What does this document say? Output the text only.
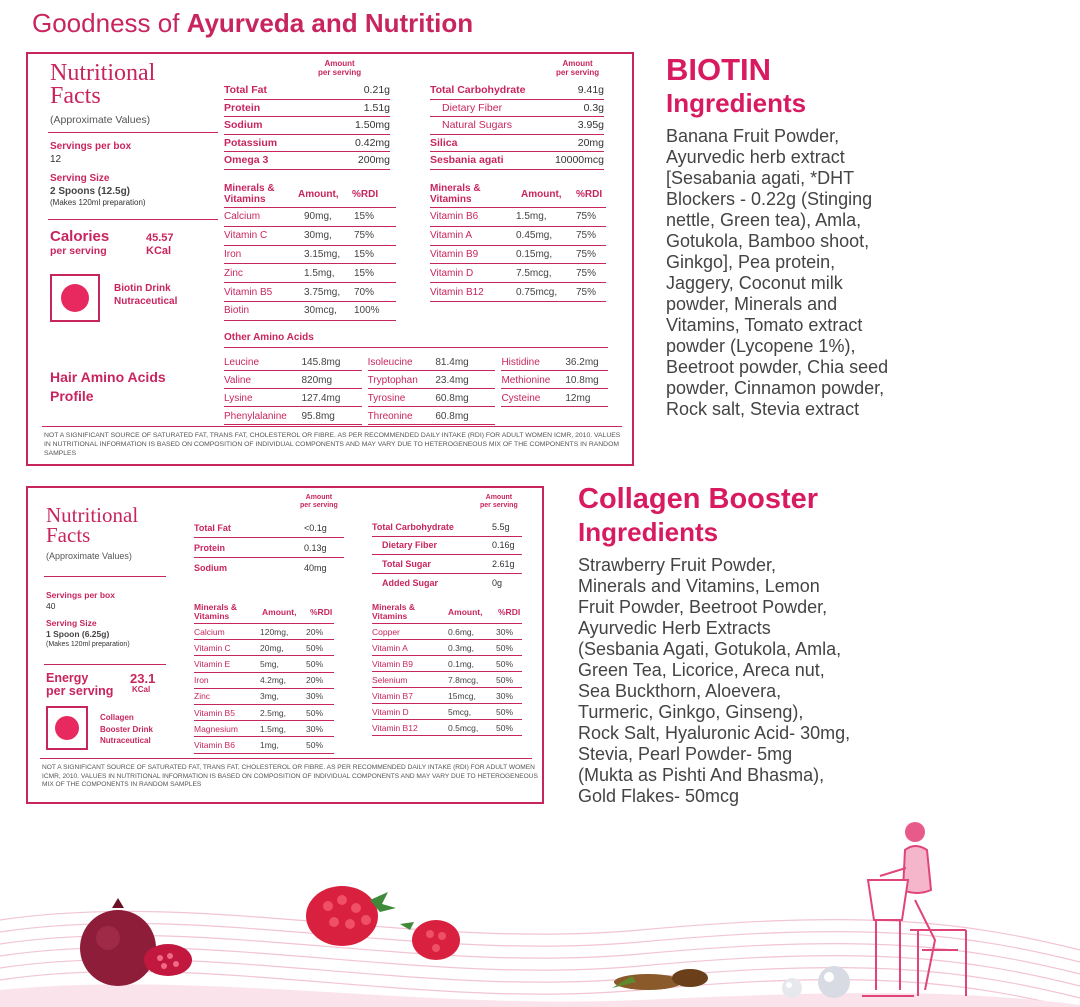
Goodness of Ayurveda and Nutrition
Nutritional
Facts
(Approximate Values)
Servings per box
12
Serving Size
2 Spoons (12.5g)
(Makes 120ml preparation)
Calories
per serving
45.57
KCal
Biotin Drink
Nutraceutical
Hair Amino Acids
Profile
Amount
per serving
Amount
per serving
Total Fat	0.21g
Protein	1.51g
Sodium	1.50mg
Potassium	0.42mg
Omega 3	200mg
Total Carbohydrate	9.41g
Dietary Fiber	0.3g
Natural Sugars	3.95g
Silica	20mg
Sesbania agati	10000mcg
Minerals &
Vitamins	Amount,	%RDI
Calcium	90mg,	15%
Vitamin C	30mg,	75%
Iron	3.15mg,	15%
Zinc	1.5mg,	15%
Vitamin B5	3.75mg,	70%
Biotin	30mcg,	100%
Minerals &
Vitamins	Amount,	%RDI
Vitamin B6	1.5mg,	75%
Vitamin A	0.45mg,	75%
Vitamin B9	0.15mg,	75%
Vitamin D	7.5mcg,	75%
Vitamin B12	0.75mcg,	75%
Other Amino Acids
Leucine	145.8mg	Isoleucine	81.4mg	Histidine	36.2mg
Valine	820mg	Tryptophan	23.4mg	Methionine	10.8mg
Lysine	127.4mg	Tyrosine	60.8mg	Cysteine	12mg
Phenylalanine	95.8mg	Threonine	60.8mg
NOT A SIGNIFICANT SOURCE OF SATURATED FAT, TRANS FAT, CHOLESTEROL OR FIBRE. AS PER RECOMMENDED DAILY INTAKE (RDI) FOR ADULT WOMEN ICMR, 2010. VALUES IN NUTRITIONAL INFORMATION IS BASED ON COMPOSITION OF INDIVIDUAL COMPONENTS AND MAY VARY DUE TO HETEROGENEOUS MIX OF THE COMPONENTS IN RANDOM SAMPLES
BIOTIN
Ingredients
Banana Fruit Powder,
Ayurvedic herb extract
[Sesabania agati, *DHT
Blockers - 0.22g (Stinging
nettle, Green tea), Amla,
Gotukola, Bamboo shoot,
Ginkgo], Pea protein,
Jaggery, Coconut milk
powder, Minerals and
Vitamins, Tomato extract
powder (Lycopene 1%),
Beetroot powder, Chia seed
powder, Cinnamon powder,
Rock salt, Stevia extract
Nutritional
Facts
(Approximate Values)
Servings per box
40
Serving Size
1 Spoon (6.25g)
(Makes 120ml preparation)
Energy
per serving
23.1
KCal
Collagen
Booster Drink
Nutraceutical
Amount
per serving
Amount
per serving
Total Fat	<0.1g
Protein	0.13g
Sodium	40mg
Total Carbohydrate	5.5g
Dietary Fiber	0.16g
Total Sugar	2.61g
Added Sugar	0g
Minerals &
Vitamins	Amount,	%RDI
Calcium	120mg,	20%
Vitamin C	20mg,	50%
Vitamin E	5mg,	50%
Iron	4.2mg,	20%
Zinc	3mg,	30%
Vitamin B5	2.5mg,	50%
Magnesium	1.5mg,	30%
Vitamin B6	1mg,	50%
Minerals &
Vitamins	Amount,	%RDI
Copper	0.6mg,	30%
Vitamin A	0.3mg,	50%
Vitamin B9	0.1mg,	50%
Selenium	7.8mcg,	50%
Vitamin B7	15mcg,	30%
Vitamin D	5mcg,	50%
Vitamin B12	0.5mcg,	50%
NOT A SIGNIFICANT SOURCE OF SATURATED FAT, TRANS FAT, CHOLESTEROL OR FIBRE. AS PER RECOMMENDED DAILY INTAKE (RDI) FOR ADULT WOMEN ICMR, 2010. VALUES IN NUTRITIONAL INFORMATION IS BASED ON COMPOSITION OF INDIVIDUAL COMPONENTS AND MAY VARY DUE TO HETEROGENEOUS MIX OF THE COMPONENTS IN RANDOM SAMPLES
Collagen Booster
Ingredients
Strawberry Fruit Powder,
Minerals and Vitamins, Lemon
Fruit Powder, Beetroot Powder,
Ayurvedic Herb Extracts
(Sesbania Agati, Gotukola, Amla,
Green Tea, Licorice, Areca nut,
Sea Buckthorn, Aloevera,
Turmeric, Ginkgo, Ginseng),
Rock Salt, Hyaluronic Acid- 30mg,
Stevia, Pearl Powder- 5mg
(Mukta as Pishti And Bhasma),
Gold Flakes- 50mcg
